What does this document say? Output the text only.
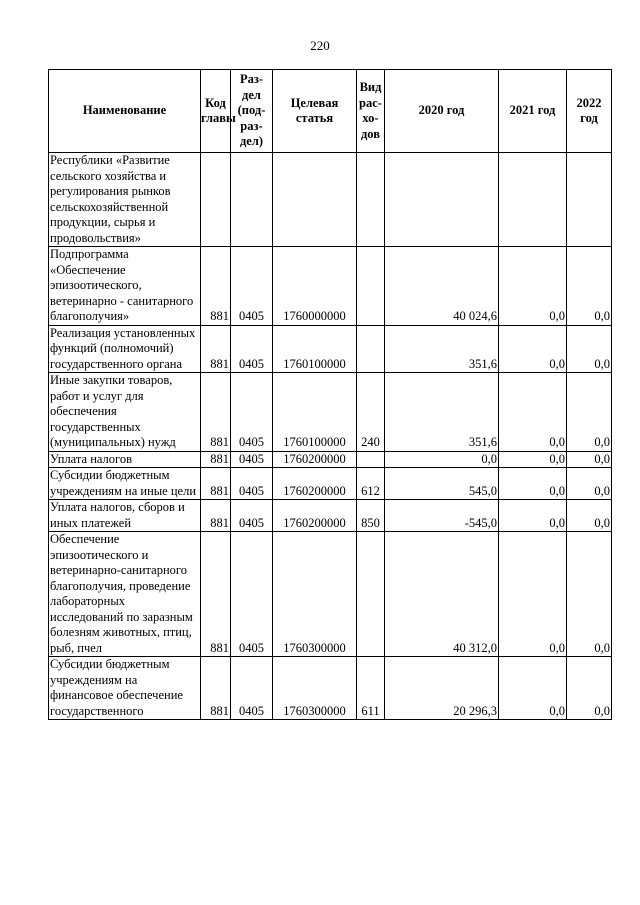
220
Наименование	Код главы	Раз-дел (под-раз-дел)	Целевая статья	Вид рас-хо-дов	2020 год	2021 год	2022 год
Республики «Развитие сельского хозяйства и регулирования рынков сельскохозяйственной продукции, сырья и продовольствия»							
Подпрограмма «Обеспечение эпизоотического, ветеринарно - санитарного благополучия»	881	0405	1760000000		40 024,6	0,0	0,0
Реализация установленных функций (полномочий) государственного органа	881	0405	1760100000		351,6	0,0	0,0
Иные закупки товаров, работ и услуг для обеспечения государственных (муниципальных) нужд	881	0405	1760100000	240	351,6	0,0	0,0
Уплата налогов	881	0405	1760200000		0,0	0,0	0,0
Субсидии бюджетным учреждениям на иные цели	881	0405	1760200000	612	545,0	0,0	0,0
Уплата налогов, сборов и иных платежей	881	0405	1760200000	850	-545,0	0,0	0,0
Обеспечение эпизоотического и ветеринарно-санитарного благополучия, проведение лабораторных исследований по заразным болезням животных, птиц, рыб, пчел	881	0405	1760300000		40 312,0	0,0	0,0
Субсидии бюджетным учреждениям на финансовое обеспечение государственного	881	0405	1760300000	611	20 296,3	0,0	0,0
